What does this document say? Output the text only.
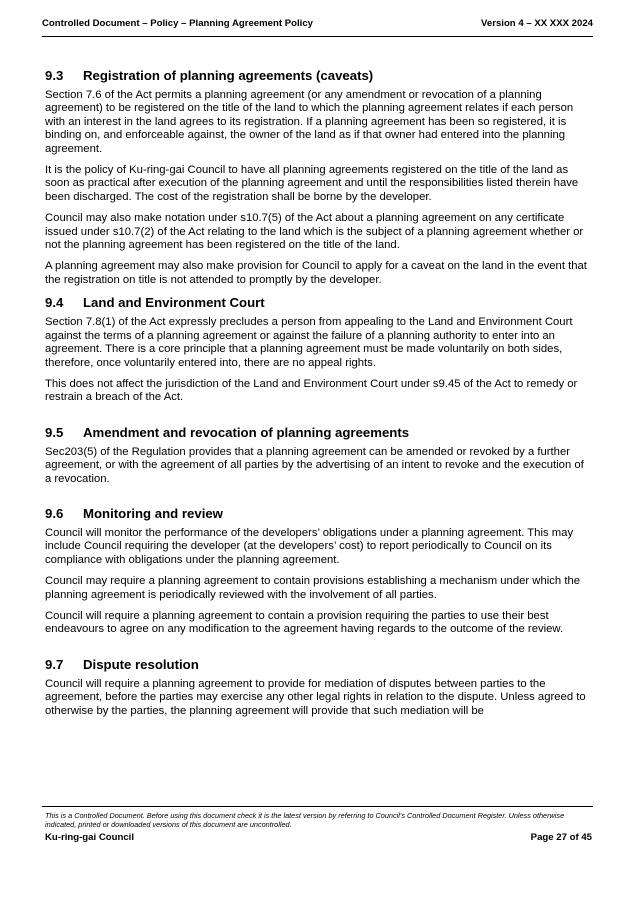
Controlled Document – Policy – Planning Agreement Policy	Version 4 – XX XXX 2024
9.3	Registration of planning agreements (caveats)

Section 7.6 of the Act permits a planning agreement (or any amendment or revocation of a planning agreement) to be registered on the title of the land to which the planning agreement relates if each person with an interest in the land agrees to its registration. If a planning agreement has been so registered, it is binding on, and enforceable against, the owner of the land as if that owner had entered into the planning agreement.

It is the policy of Ku-ring-gai Council to have all planning agreements registered on the title of the land as soon as practical after execution of the planning agreement and until the responsibilities listed therein have been discharged. The cost of the registration shall be borne by the developer.

Council may also make notation under s10.7(5) of the Act about a planning agreement on any certificate issued under s10.7(2) of the Act relating to the land which is the subject of a planning agreement whether or not the planning agreement has been registered on the title of the land.

A planning agreement may also make provision for Council to apply for a caveat on the land in the event that the registration on title is not attended to promptly by the developer.

9.4	Land and Environment Court

Section 7.8(1) of the Act expressly precludes a person from appealing to the Land and Environment Court against the terms of a planning agreement or against the failure of a planning authority to enter into an agreement. There is a core principle that a planning agreement must be made voluntarily on both sides, therefore, once voluntarily entered into, there are no appeal rights.

This does not affect the jurisdiction of the Land and Environment Court under s9.45 of the Act to remedy or restrain a breach of the Act.

9.5	Amendment and revocation of planning agreements

Sec203(5) of the Regulation provides that a planning agreement can be amended or revoked by a further agreement, or with the agreement of all parties by the advertising of an intent to revoke and the execution of a revocation.

9.6	Monitoring and review

Council will monitor the performance of the developers’ obligations under a planning agreement. This may include Council requiring the developer (at the developers’ cost) to report periodically to Council on its compliance with obligations under the planning agreement.

Council may require a planning agreement to contain provisions establishing a mechanism under which the planning agreement is periodically reviewed with the involvement of all parties.

Council will require a planning agreement to contain a provision requiring the parties to use their best endeavours to agree on any modification to the agreement having regards to the outcome of the review.

9.7	Dispute resolution

Council will require a planning agreement to provide for mediation of disputes between parties to the agreement, before the parties may exercise any other legal rights in relation to the dispute. Unless agreed to otherwise by the parties, the planning agreement will provide that such mediation will be

This is a Controlled Document. Before using this document check it is the latest version by referring to Council’s Controlled Document Register. Unless otherwise indicated, printed or downloaded versions of this document are uncontrolled.
Ku-ring-gai Council	Page 27 of 45
